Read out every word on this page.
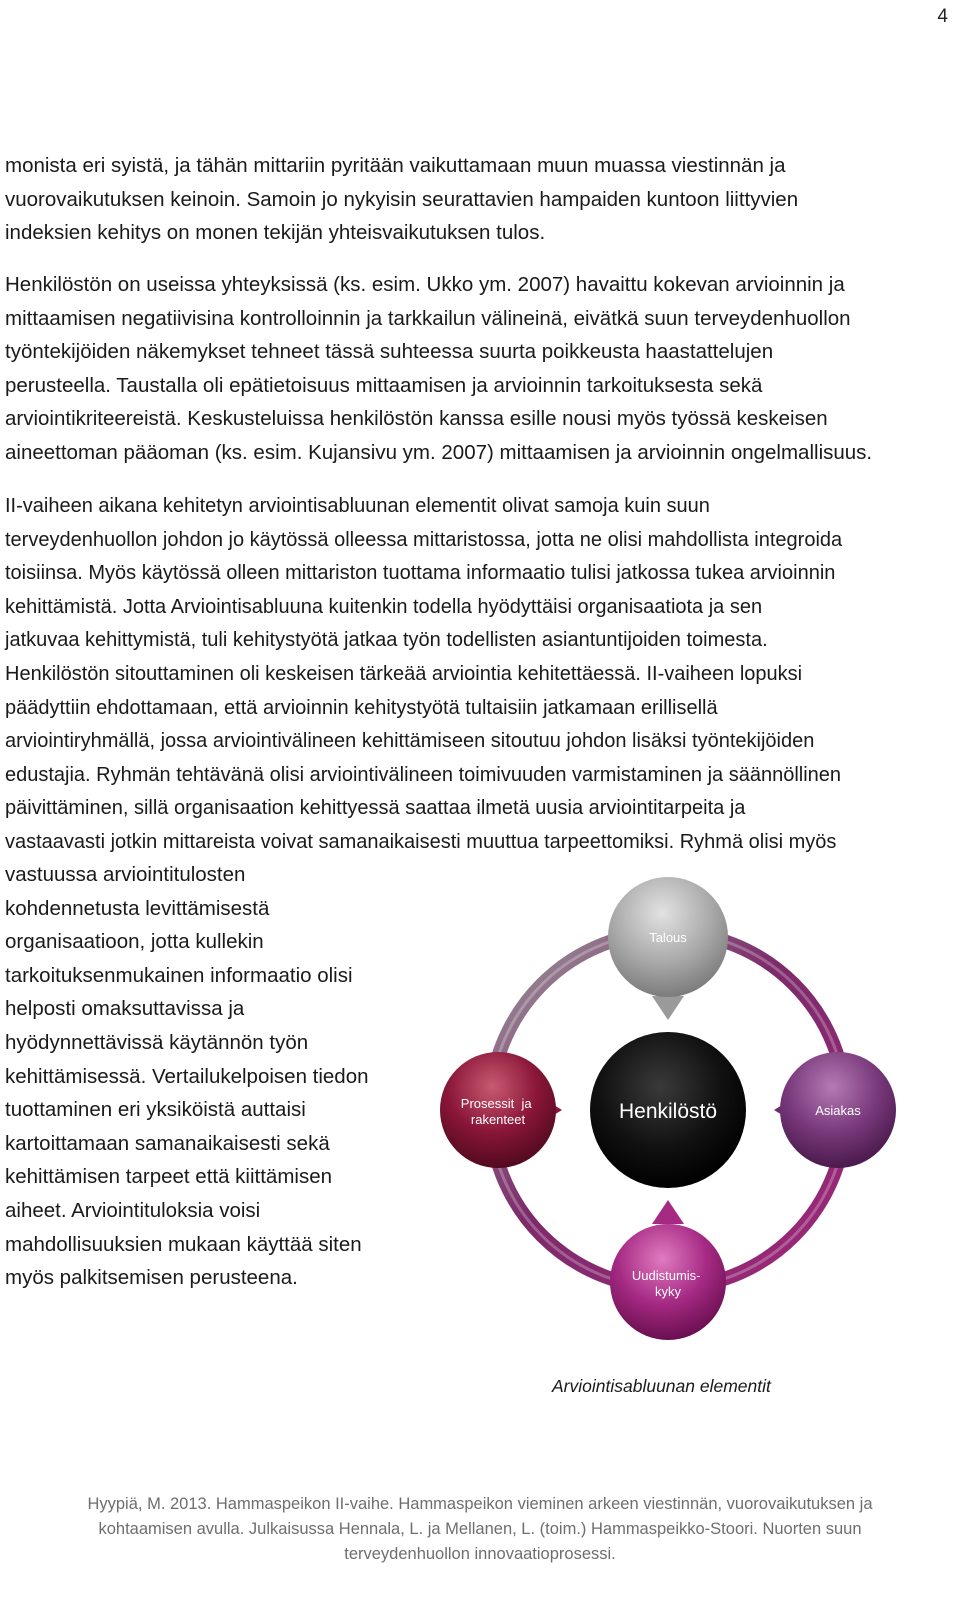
4

monista eri syistä, ja tähän mittariin pyritään vaikuttamaan muun muassa viestinnän ja
vuorovaikutuksen keinoin. Samoin jo nykyisin seurattavien hampaiden kuntoon liittyvien
indeksien kehitys on monen tekijän yhteisvaikutuksen tulos.

Henkilöstön on useissa yhteyksissä (ks. esim. Ukko ym. 2007) havaittu kokevan arvioinnin ja
mittaamisen negatiivisina kontrolloinnin ja tarkkailun välineinä, eivätkä suun terveydenhuollon
työntekijöiden näkemykset tehneet tässä suhteessa suurta poikkeusta haastattelujen
perusteella. Taustalla oli epätietoisuus mittaamisen ja arvioinnin tarkoituksesta sekä
arviointikriteereistä. Keskusteluissa henkilöstön kanssa esille nousi myös työssä keskeisen
aineettoman pääoman (ks. esim. Kujansivu ym. 2007) mittaamisen ja arvioinnin ongelmallisuus.

II-vaiheen aikana kehitetyn arviointisabluunan elementit olivat samoja kuin suun
terveydenhuollon johdon jo käytössä olleessa mittaristossa, jotta ne olisi mahdollista integroida
toisiinsa. Myös käytössä olleen mittariston tuottama informaatio tulisi jatkossa tukea arvioinnin
kehittämistä. Jotta Arviointisabluuna kuitenkin todella hyödyttäisi organisaatiota ja sen
jatkuvaa kehittymistä, tuli kehitystyötä jatkaa työn todellisten asiantuntijoiden toimesta.
Henkilöstön sitouttaminen oli keskeisen tärkeää arviointia kehitettäessä. II-vaiheen lopuksi
päädyttiin ehdottamaan, että arvioinnin kehitystyötä tultaisiin jatkamaan erillisellä
arviointiryhmällä, jossa arviointivälineen kehittämiseen sitoutuu johdon lisäksi työntekijöiden
edustajia. Ryhmän tehtävänä olisi arviointivälineen toimivuuden varmistaminen ja säännöllinen
päivittäminen, sillä organisaation kehittyessä saattaa ilmetä uusia arviointitarpeita ja
vastaavasti jotkin mittareista voivat samanaikaisesti muuttua tarpeettomiksi. Ryhmä olisi myös

vastuussa arviointitulosten
kohdennetusta levittämisestä
organisaatioon, jotta kullekin
tarkoituksenmukainen informaatio olisi
helposti omaksuttavissa ja
hyödynnettävissä käytännön työn
kehittämisessä. Vertailukelpoisen tiedon
tuottaminen eri yksiköistä auttaisi
kartoittamaan samanaikaisesti sekä
kehittämisen tarpeet että kiittämisen
aiheet. Arviointituloksia voisi
mahdollisuuksien mukaan käyttää siten
myös palkitsemisen perusteena.

Henkilöstö
Talous
Asiakas
Uudistumis- kyky
Prosessit  ja rakenteet

Arviointisabluunan elementit

Hyypiä, M. 2013. Hammaspeikon II-vaihe. Hammaspeikon vieminen arkeen viestinnän, vuorovaikutuksen ja
kohtaamisen avulla. Julkaisussa Hennala, L. ja Mellanen, L. (toim.) Hammaspeikko-Stoori. Nuorten suun
terveydenhuollon innovaatioprosessi.
